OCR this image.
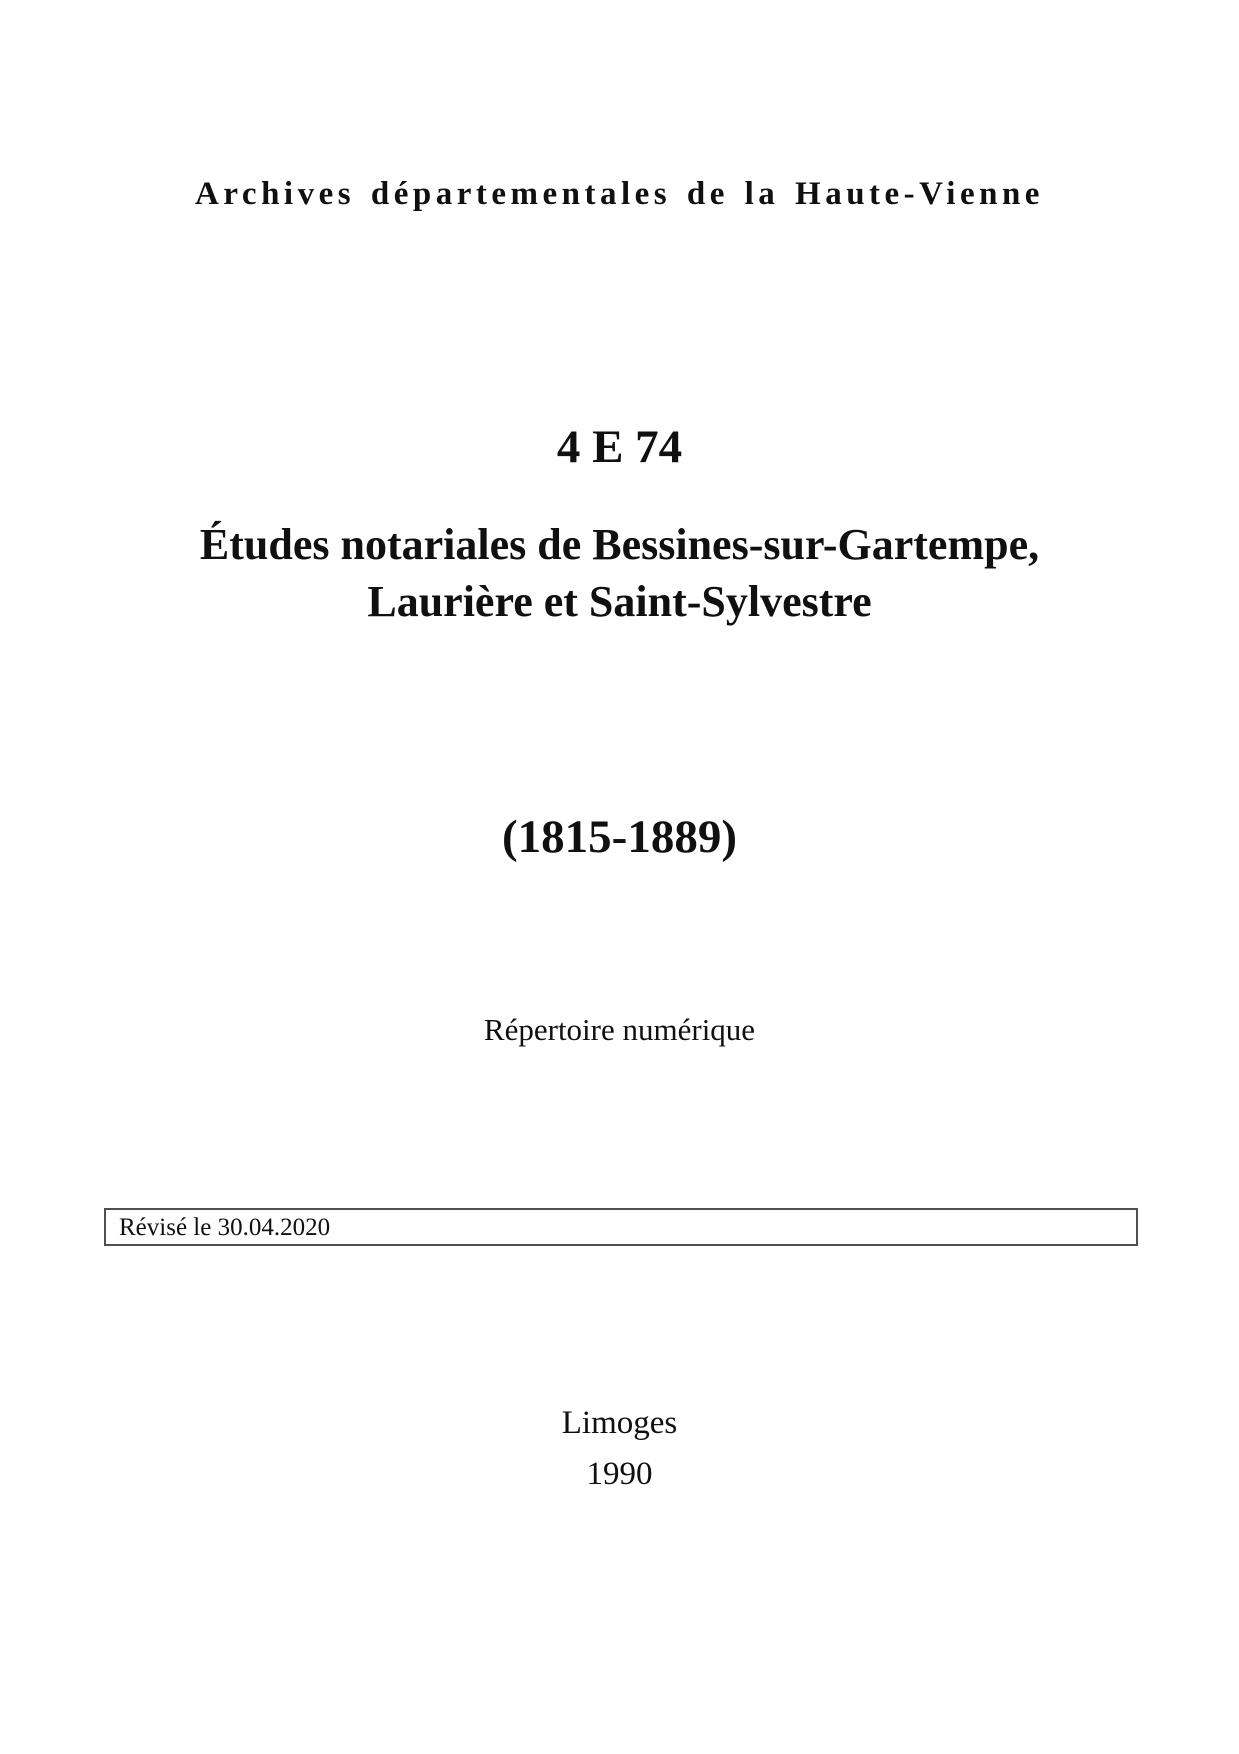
Archives départementales de la Haute-Vienne
4 E 74
Études notariales de Bessines-sur-Gartempe,
Laurière et Saint-Sylvestre
(1815-1889)
Répertoire numérique
Révisé le 30.04.2020
Limoges
1990
